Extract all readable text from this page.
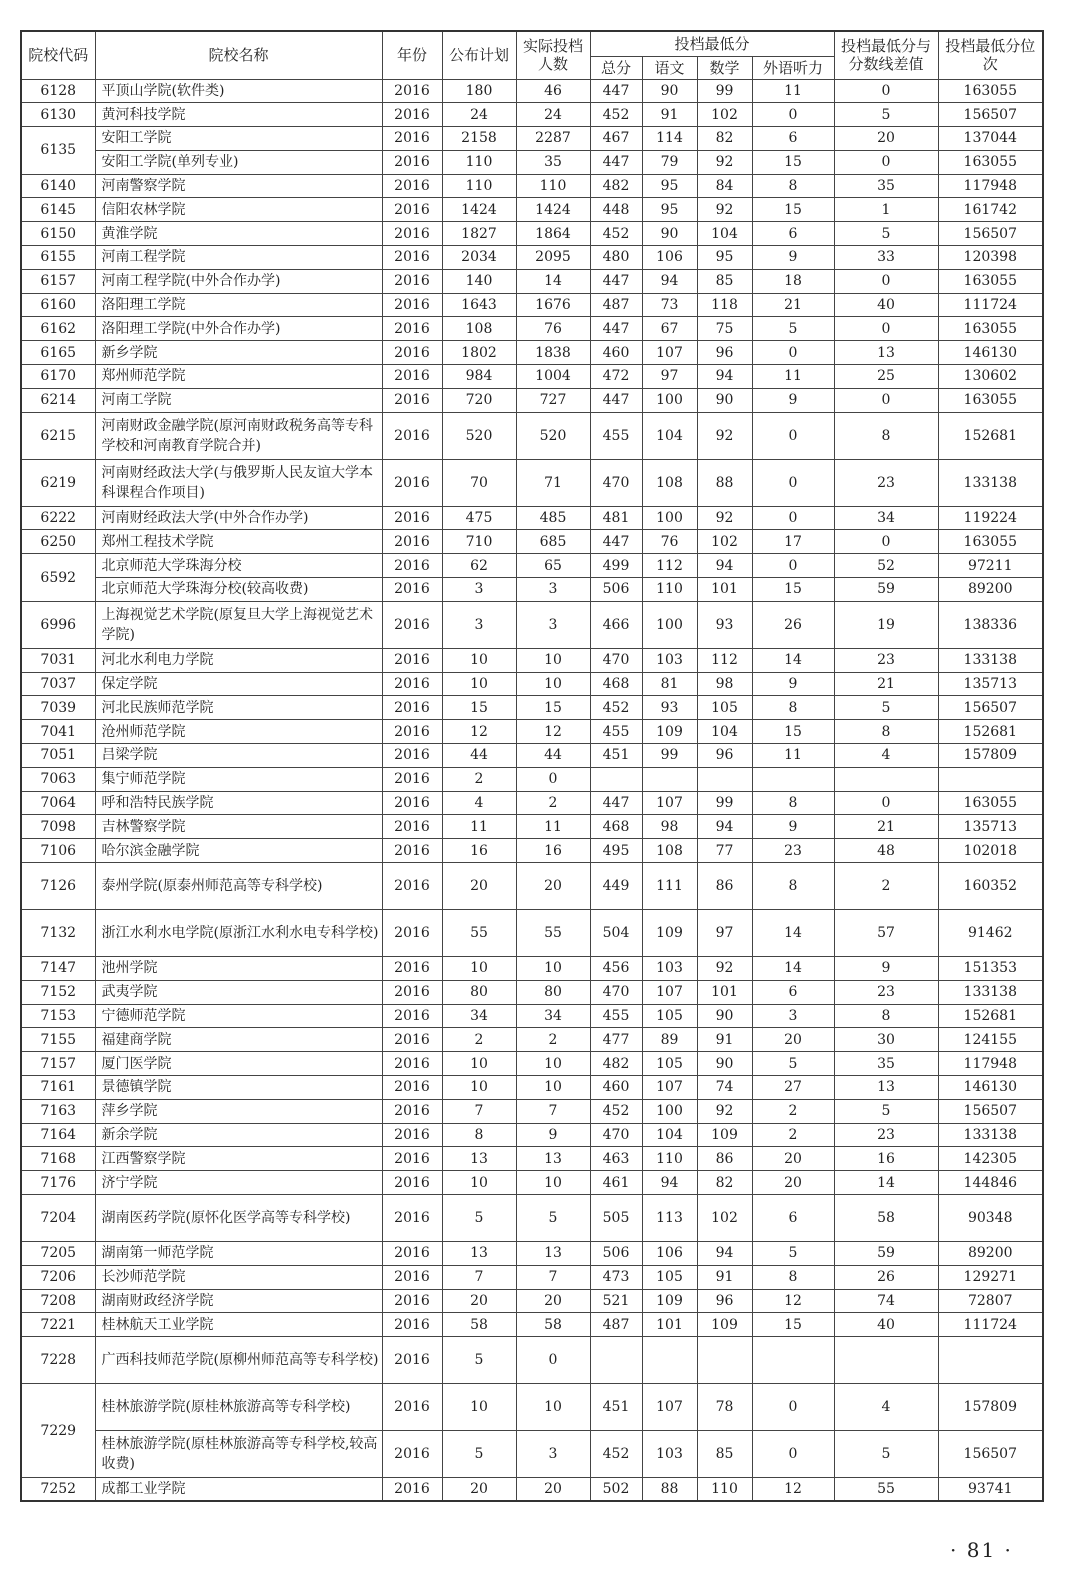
院校代码	院校名称	年份	公布计划	实际投档人数	投档最低分				投档最低分与分数线差值	投档最低分位次
					总分	语文	数学	外语听力		
6128	平顶山学院(软件类)	2016	180	46	447	90	99	11	0	163055
6130	黄河科技学院	2016	24	24	452	91	102	0	5	156507
6135	安阳工学院	2016	2158	2287	467	114	82	6	20	137044
	安阳工学院(单列专业)	2016	110	35	447	79	92	15	0	163055
6140	河南警察学院	2016	110	110	482	95	84	8	35	117948
6145	信阳农林学院	2016	1424	1424	448	95	92	15	1	161742
6150	黄淮学院	2016	1827	1864	452	90	104	6	5	156507
6155	河南工程学院	2016	2034	2095	480	106	95	9	33	120398
6157	河南工程学院(中外合作办学)	2016	140	14	447	94	85	18	0	163055
6160	洛阳理工学院	2016	1643	1676	487	73	118	21	40	111724
6162	洛阳理工学院(中外合作办学)	2016	108	76	447	67	75	5	0	163055
6165	新乡学院	2016	1802	1838	460	107	96	0	13	146130
6170	郑州师范学院	2016	984	1004	472	97	94	11	25	130602
6214	河南工学院	2016	720	727	447	100	90	9	0	163055
6215	河南财政金融学院(原河南财政税务高等专科学校和河南教育学院合并)	2016	520	520	455	104	92	0	8	152681
6219	河南财经政法大学(与俄罗斯人民友谊大学本科课程合作项目)	2016	70	71	470	108	88	0	23	133138
6222	河南财经政法大学(中外合作办学)	2016	475	485	481	100	92	0	34	119224
6250	郑州工程技术学院	2016	710	685	447	76	102	17	0	163055
6592	北京师范大学珠海分校	2016	62	65	499	112	94	0	52	97211
	北京师范大学珠海分校(较高收费)	2016	3	3	506	110	101	15	59	89200
6996	上海视觉艺术学院(原复旦大学上海视觉艺术学院)	2016	3	3	466	100	93	26	19	138336
7031	河北水利电力学院	2016	10	10	470	103	112	14	23	133138
7037	保定学院	2016	10	10	468	81	98	9	21	135713
7039	河北民族师范学院	2016	15	15	452	93	105	8	5	156507
7041	沧州师范学院	2016	12	12	455	109	104	15	8	152681
7051	吕梁学院	2016	44	44	451	99	96	11	4	157809
7063	集宁师范学院	2016	2	0						
7064	呼和浩特民族学院	2016	4	2	447	107	99	8	0	163055
7098	吉林警察学院	2016	11	11	468	98	94	9	21	135713
7106	哈尔滨金融学院	2016	16	16	495	108	77	23	48	102018
7126	泰州学院(原泰州师范高等专科学校)	2016	20	20	449	111	86	8	2	160352
7132	浙江水利水电学院(原浙江水利水电专科学校)	2016	55	55	504	109	97	14	57	91462
7147	池州学院	2016	10	10	456	103	92	14	9	151353
7152	武夷学院	2016	80	80	470	107	101	6	23	133138
7153	宁德师范学院	2016	34	34	455	105	90	3	8	152681
7155	福建商学院	2016	2	2	477	89	91	20	30	124155
7157	厦门医学院	2016	10	10	482	105	90	5	35	117948
7161	景德镇学院	2016	10	10	460	107	74	27	13	146130
7163	萍乡学院	2016	7	7	452	100	92	2	5	156507
7164	新余学院	2016	8	9	470	104	109	2	23	133138
7168	江西警察学院	2016	13	13	463	110	86	20	16	142305
7176	济宁学院	2016	10	10	461	94	82	20	14	144846
7204	湖南医药学院(原怀化医学高等专科学校)	2016	5	5	505	113	102	6	58	90348
7205	湖南第一师范学院	2016	13	13	506	106	94	5	59	89200
7206	长沙师范学院	2016	7	7	473	105	91	8	26	129271
7208	湖南财政经济学院	2016	20	20	521	109	96	12	74	72807
7221	桂林航天工业学院	2016	58	58	487	101	109	15	40	111724
7228	广西科技师范学院(原柳州师范高等专科学校)	2016	5	0						
7229	桂林旅游学院(原桂林旅游高等专科学校)	2016	10	10	451	107	78	0	4	157809
	桂林旅游学院(原桂林旅游高等专科学校,较高收费)	2016	5	3	452	103	85	0	5	156507
7252	成都工业学院	2016	20	20	502	88	110	12	55	93741
· 81 ·
